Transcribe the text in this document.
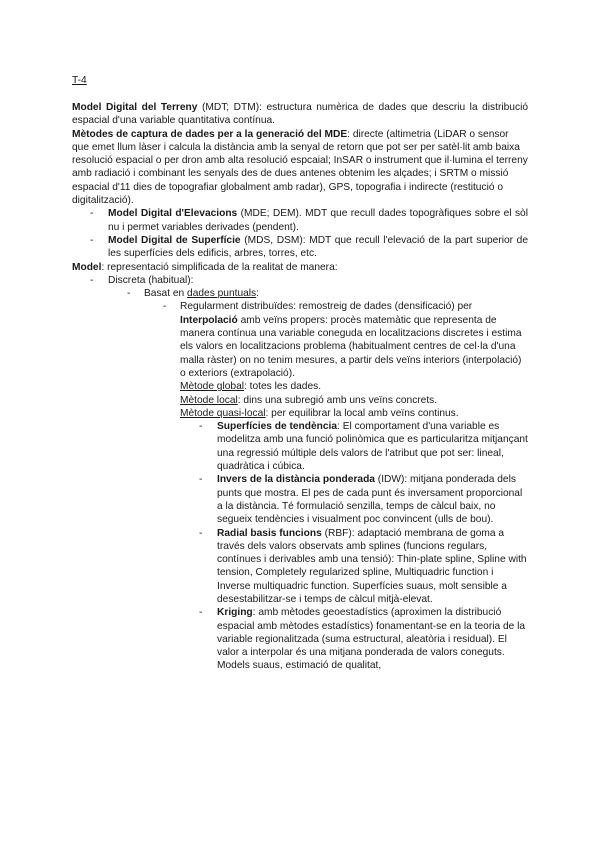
T-4

Model Digital del Terreny (MDT; DTM): estructura numèrica de dades que descriu la distribució espacial d'una variable quantitativa contínua.

Mètodes de captura de dades per a la generació del MDE: directe (altimetria (LiDAR o sensor que emet llum làser i calcula la distància amb la senyal de retorn que pot ser per satèl·lit amb baixa resolució espacial o per dron amb alta resolució espcaial; InSAR o instrument que il·lumina el terreny amb radiació i combinant les senyals des de dues antenes obtenim les alçades; i SRTM o missió espacial d'11 dies de topografiar globalment amb radar), GPS, topografia i indirecte (restitució o digitalització).

- Model Digital d'Elevacions (MDE; DEM). MDT que recull dades topogràfiques sobre el sòl nu i permet variables derivades (pendent).
- Model Digital de Superfície (MDS, DSM): MDT que recull l'elevació de la part superior de les superfícies dels edificis, arbres, torres, etc.

Model: representació simplificada de la realitat de manera:

- Discreta (habitual):
- Basat en dades puntuals:
- Regularment distribuïdes: remostreig de dades (densificació) per Interpolació amb veïns propers: procès matemàtic que representa de manera contínua una variable coneguda en localitzacions discretes i estima els valors en localitzacions problema (habitualment centres de cel·la d'una malla ràster) on no tenim mesures, a partir dels veïns interiors (interpolació) o exteriors (extrapolació).
Mètode global: totes les dades.
Mètode local: dins una subregió amb uns veïns concrets.
Mètode quasi-local: per equilibrar la local amb veïns continus.
- Superfícies de tendència: El comportament d'una variable es modelitza amb una funció polinòmica que es particularitza mitjançant una regressió múltiple dels valors de l'atribut que pot ser: lineal, quadràtica i cúbica.
- Invers de la distància ponderada (IDW): mitjana ponderada dels punts que mostra. El pes de cada punt és inversament proporcional a la distància. Té formulació senzilla, temps de càlcul baix, no segueix tendències i visualment poc convincent (ulls de bou).
- Radial basis funcions (RBF): adaptació membrana de goma a través dels valors observats amb splines (funcions regulars, contínues i derivables amb una tensió): Thin-plate spline, Spline with tension, Completely regularized spline, Multiquadric function i Inverse multiquadric function. Superfícies suaus, molt sensible a desestabilitzar-se i temps de càlcul mitjà-elevat.
- Kriging: amb mètodes geoestadístics (aproximen la distribució espacial amb mètodes estadístics) fonamentant-se en la teoria de la variable regionalitzada (suma estructural, aleatòria i residual). El valor a interpolar és una mitjana ponderada de valors coneguts. Models suaus, estimació de qualitat,
